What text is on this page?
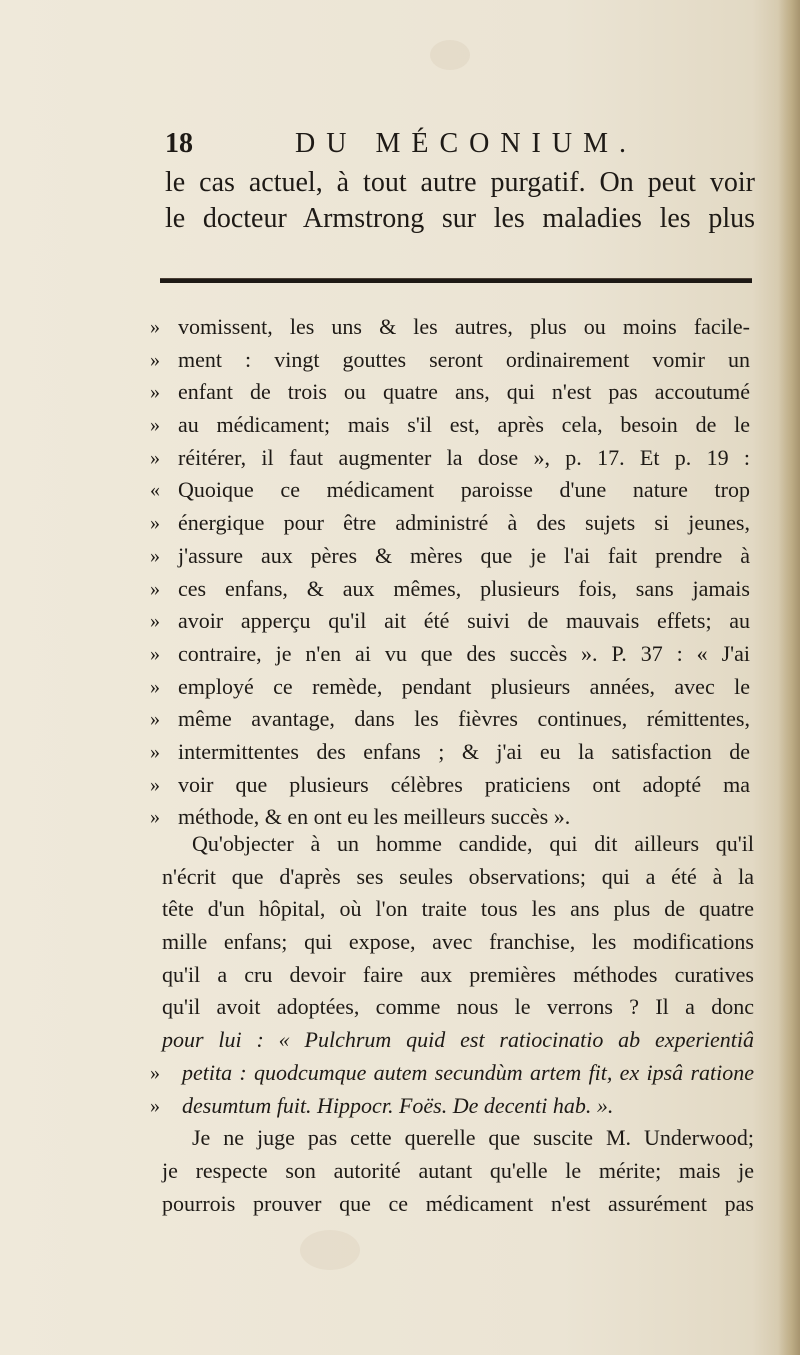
18	DU MÉCONIUM.
le cas actuel, à tout autre purgatif. On peut voir
le docteur Armstrong sur les maladies les plus
» vomissent, les uns & les autres, plus ou moins facile-
» ment : vingt gouttes seront ordinairement vomir un
» enfant de trois ou quatre ans, qui n'est pas accoutumé
» au médicament; mais s'il est, après cela, besoin de le
» réitérer, il faut augmenter la dose », p. 17. Et p. 19 :
« Quoique ce médicament paroisse d'une nature trop
» énergique pour être administré à des sujets si jeunes,
» j'assure aux pères & mères que je l'ai fait prendre à
» ces enfans, & aux mêmes, plusieurs fois, sans jamais
» avoir apperçu qu'il ait été suivi de mauvais effets; au
» contraire, je n'en ai vu que des succès ». P. 37 : « J'ai
» employé ce remède, pendant plusieurs années, avec le
» même avantage, dans les fièvres continues, rémittentes,
» intermittentes des enfans ; & j'ai eu la satisfaction de
» voir que plusieurs célèbres praticiens ont adopté ma
» méthode, & en ont eu les meilleurs succès ».
Qu'objecter à un homme candide, qui dit ailleurs qu'il
n'écrit que d'après ses seules observations; qui a été à la
tête d'un hôpital, où l'on traite tous les ans plus de quatre
mille enfans; qui expose, avec franchise, les modifications
qu'il a cru devoir faire aux premières méthodes curatives
qu'il avoit adoptées, comme nous le verrons ? Il a donc
pour lui : « Pulchrum quid est ratiocinatio ab experientiâ
» petita : quodcumque autem secundùm artem fit, ex ipsâ ratione
» desumtum fuit. Hippocr. Foës. De decenti hab. ».
Je ne juge pas cette querelle que suscite M. Underwood;
je respecte son autorité autant qu'elle le mérite; mais je
pourrois prouver que ce médicament n'est assurément pas
